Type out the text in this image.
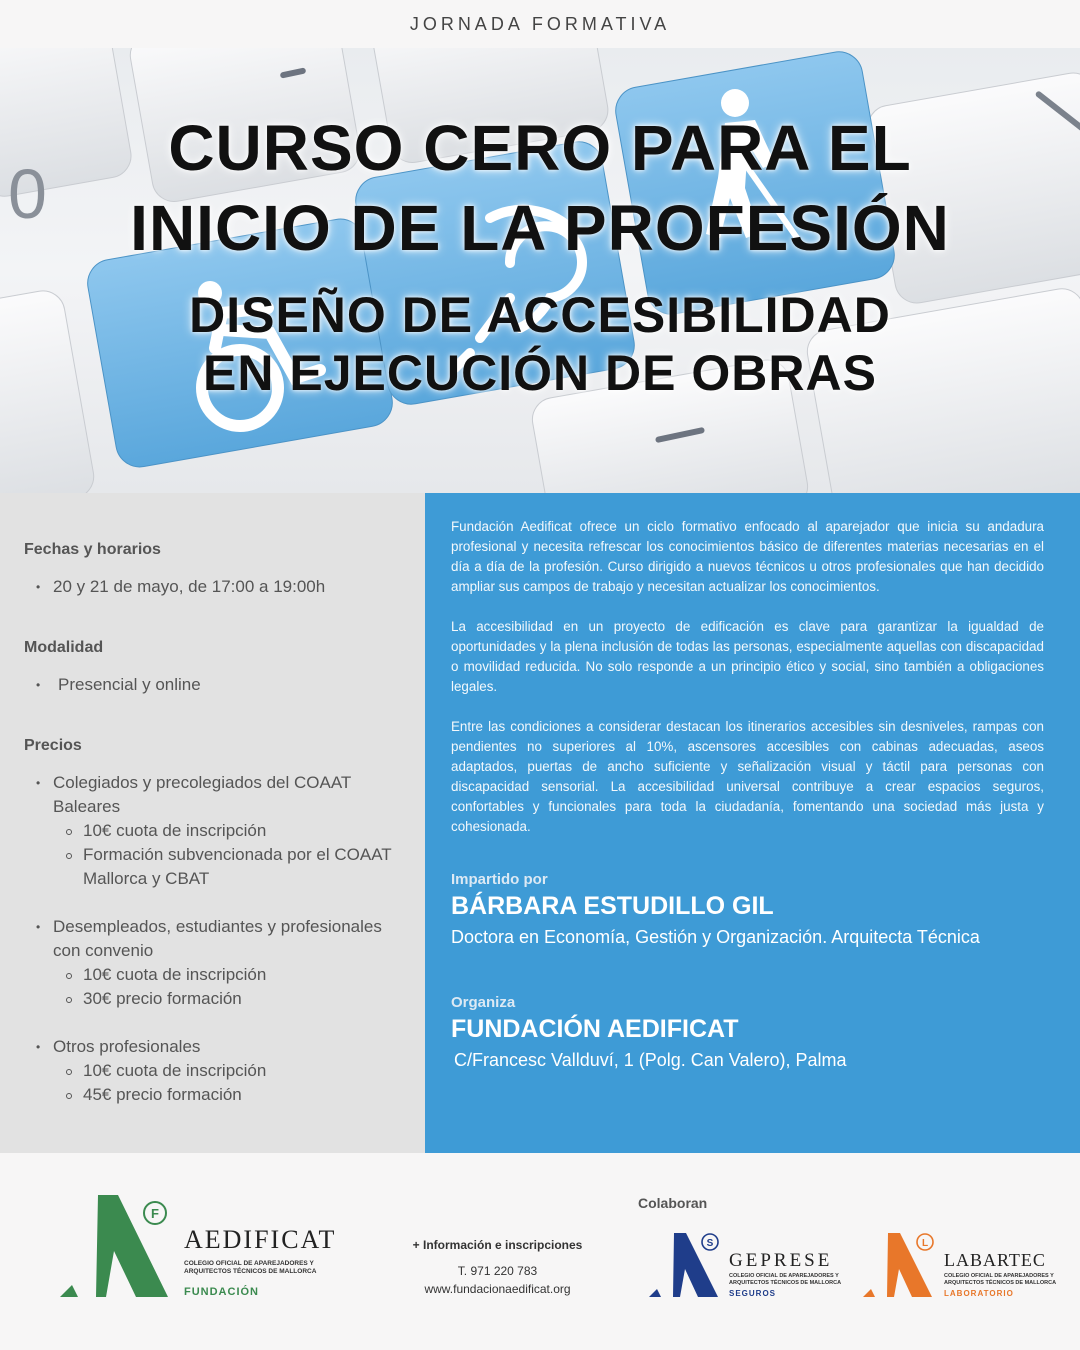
JORNADA FORMATIVA
0
CURSO CERO PARA EL
INICIO DE LA PROFESIÓN
DISEÑO DE ACCESIBILIDAD
EN EJECUCIÓN DE OBRAS
Fechas y horarios
• 20 y 21 de mayo, de 17:00 a 19:00h
Modalidad
• Presencial y online
Precios
• Colegiados y precolegiados del COAAT Baleares
10€ cuota de inscripción
Formación subvencionada por el COAAT Mallorca y CBAT
• Desempleados, estudiantes y profesionales con convenio
10€ cuota de inscripción
30€ precio formación
• Otros profesionales
10€ cuota de inscripción
45€ precio formación

Fundación Aedificat ofrece un ciclo formativo enfocado al aparejador que inicia su andadura profesional y necesita refrescar los conocimientos básico de diferentes materias necesarias en el día a día de la profesión. Curso dirigido a nuevos técnicos u otros profesionales que han decidido ampliar sus campos de trabajo y necesitan actualizar los conocimientos.

La accesibilidad en un proyecto de edificación es clave para garantizar la igualdad de oportunidades y la plena inclusión de todas las personas, especialmente aquellas con discapacidad o movilidad reducida. No solo responde a un principio ético y social, sino también a obligaciones legales.

Entre las condiciones a considerar destacan los itinerarios accesibles sin desniveles, rampas con pendientes no superiores al 10%, ascensores accesibles con cabinas adecuadas, aseos adaptados, puertas de ancho suficiente y señalización visual y táctil para personas con discapacidad sensorial. La accesibilidad universal contribuye a crear espacios seguros, confortables y funcionales para toda la ciudadanía, fomentando una sociedad más justa y cohesionada.

Impartido por
BÁRBARA ESTUDILLO GIL
Doctora en Economía, Gestión y Organización. Arquitecta Técnica
Organiza
FUNDACIÓN AEDIFICAT
C/Francesc Vallduví, 1 (Polg. Can Valero), Palma
F
AEDIFICAT
COLEGIO OFICIAL DE APAREJADORES Y
ARQUITECTOS TÉCNICOS DE MALLORCA
FUNDACIÓN
+ Información e inscripciones
T. 971 220 783
www.fundacionaedificat.org
Colaboran
S
GEPRESE
COLEGIO OFICIAL DE APAREJADORES Y
ARQUITECTOS TÉCNICOS DE MALLORCA
SEGUROS
L
LABARTEC
COLEGIO OFICIAL DE APAREJADORES Y
ARQUITECTOS TÉCNICOS DE MALLORCA
LABORATORIO
